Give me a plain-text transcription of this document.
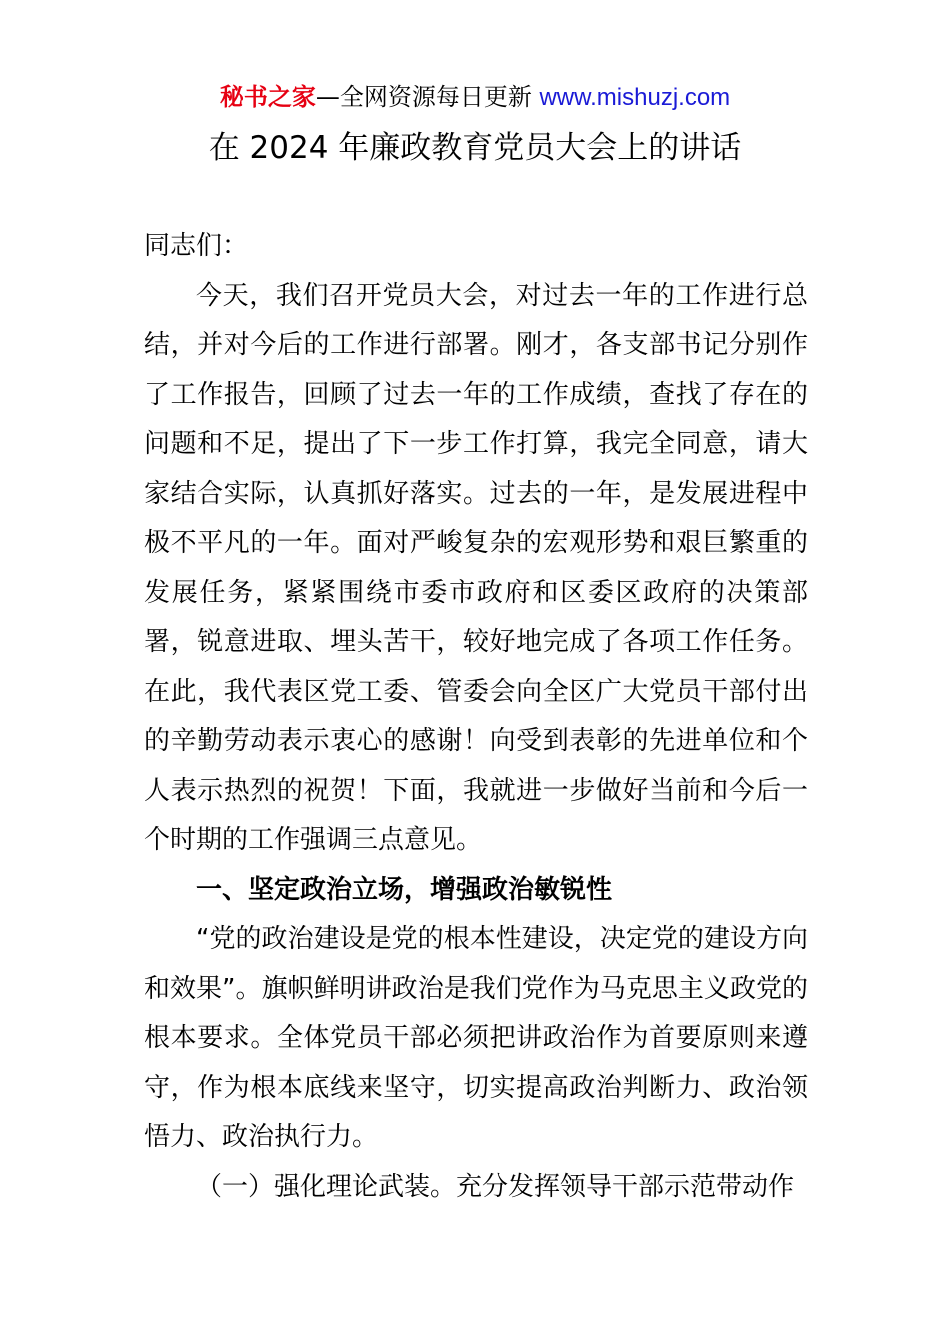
秘书之家—全网资源每日更新 www.mishuzj.com
在 2024 年廉政教育党员大会上的讲话

同志们：

今天，我们召开党员大会，对过去一年的工作进行总结，并对今后的工作进行部署。刚才，各支部书记分别作了工作报告，回顾了过去一年的工作成绩，查找了存在的问题和不足，提出了下一步工作打算，我完全同意，请大家结合实际，认真抓好落实。过去的一年，是发展进程中极不平凡的一年。面对严峻复杂的宏观形势和艰巨繁重的发展任务，紧紧围绕市委市政府和区委区政府的决策部署，锐意进取、埋头苦干，较好地完成了各项工作任务。在此，我代表区党工委、管委会向全区广大党员干部付出的辛勤劳动表示衷心的感谢！向受到表彰的先进单位和个人表示热烈的祝贺！下面，我就进一步做好当前和今后一个时期的工作强调三点意见。

一、坚定政治立场，增强政治敏锐性

“党的政治建设是党的根本性建设，决定党的建设方向和效果”。旗帜鲜明讲政治是我们党作为马克思主义政党的根本要求。全体党员干部必须把讲政治作为首要原则来遵守，作为根本底线来坚守，切实提高政治判断力、政治领悟力、政治执行力。

（一）强化理论武装。充分发挥领导干部示范带动作
